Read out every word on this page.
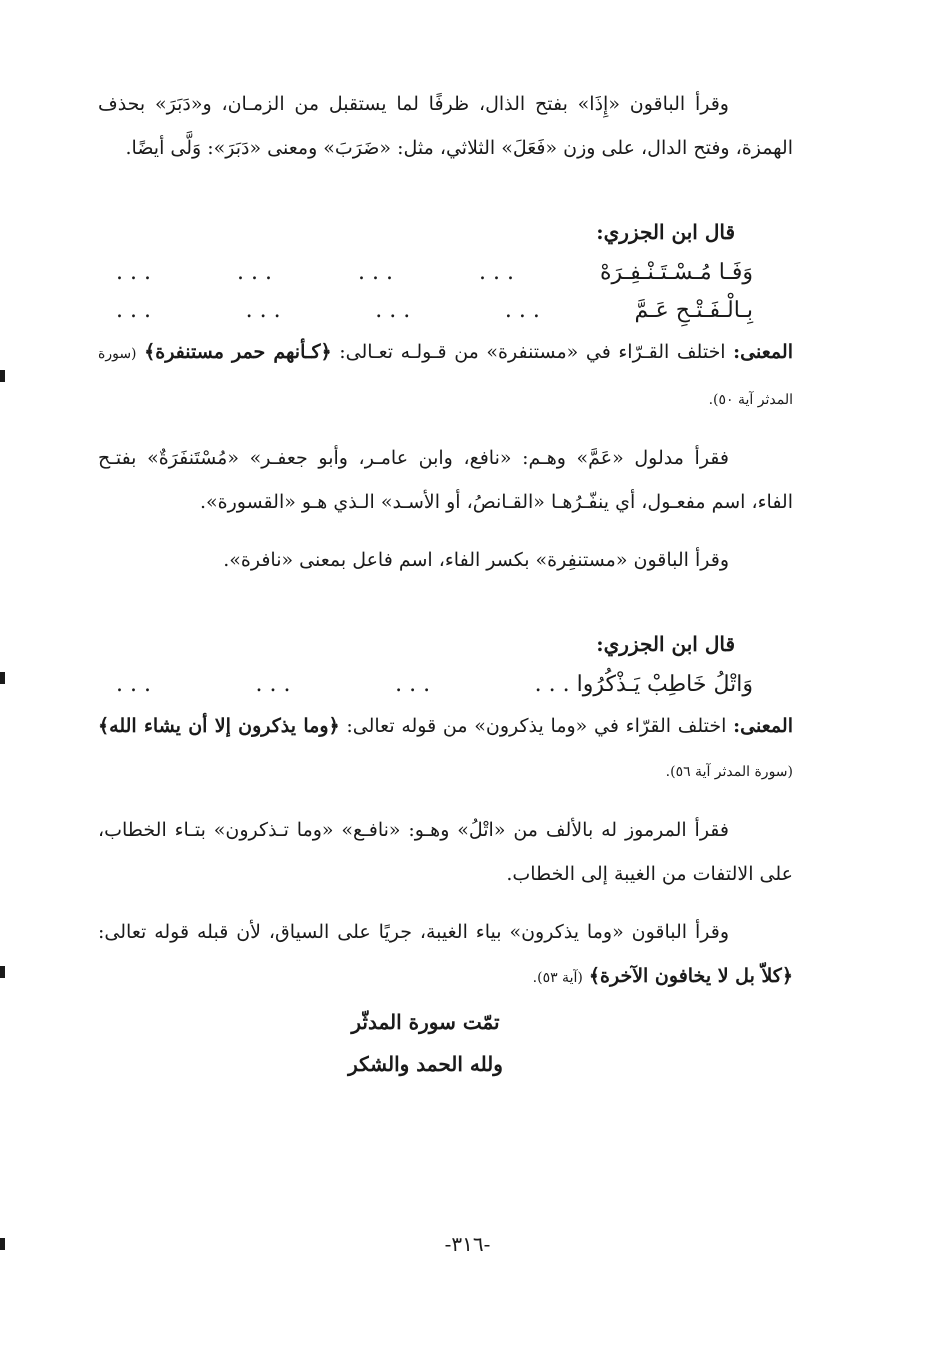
وقرأ الباقون «إِذَا» بفتح الذال، ظرفًا لما يستقبل من الزمـان، و«دَبَرَ» بحذف الهمزة، وفتح الدال، على وزن «فَعَلَ» الثلاثي، مثل: «ضَرَبَ» ومعنى «دَبَرَ»: وَلَّى أيضًا.

قال ابن الجزري:
وَفَـا مُـسْـتَـنْـفِـرَهْ
. . .
. . .
. . .
. . .
بِـالْـفَـتْـحِ عَـمَّ
. . .
. . .
. . .
. . .

المعنى: اختلف القـرّاء في «مستنفرة» من قـولـه تعـالى: ﴿كـأنهم حمر مستنفرة﴾ (سورة المدثر آية ٥٠).

فقرأ مدلول «عَمَّ» وهـم: «نافع، وابن عامـر، وأبو جعفـر» «مُسْتَنفَرَةٌ» بفتـح الفاء، اسم مفعـول، أي ينفّـرُهـا «القـانصُ، أو الأسـد» الـذي هـو «القسورة».

وقرأ الباقون «مستنفِرة» بكسر الفاء، اسم فاعل بمعنى «نافرة».

قال ابن الجزري:
وَاتْلُ خَاطِبْ يَـذْكُرُوا . . .
. . .
. . .
. . .

المعنى: اختلف القرّاء في «وما يذكرون» من قوله تعالى: ﴿وما يذكرون إلا أن يشاء الله﴾ (سورة المدثر آية ٥٦).

فقرأ المرموز له بالألف من «اتْلُ» وهـو: «نافـع» «وما تـذكرون» بتـاء الخطاب، على الالتفات من الغيبة إلى الخطاب.

وقرأ الباقون «وما يذكرون» بياء الغيبة، جريًا على السياق، لأن قبله قوله تعالى: ﴿كلاّ بل لا يخافون الآخرة﴾ (آية ٥٣).

تمّت سورة المدثّر
ولله الحمد والشكر
-٣١٦-
